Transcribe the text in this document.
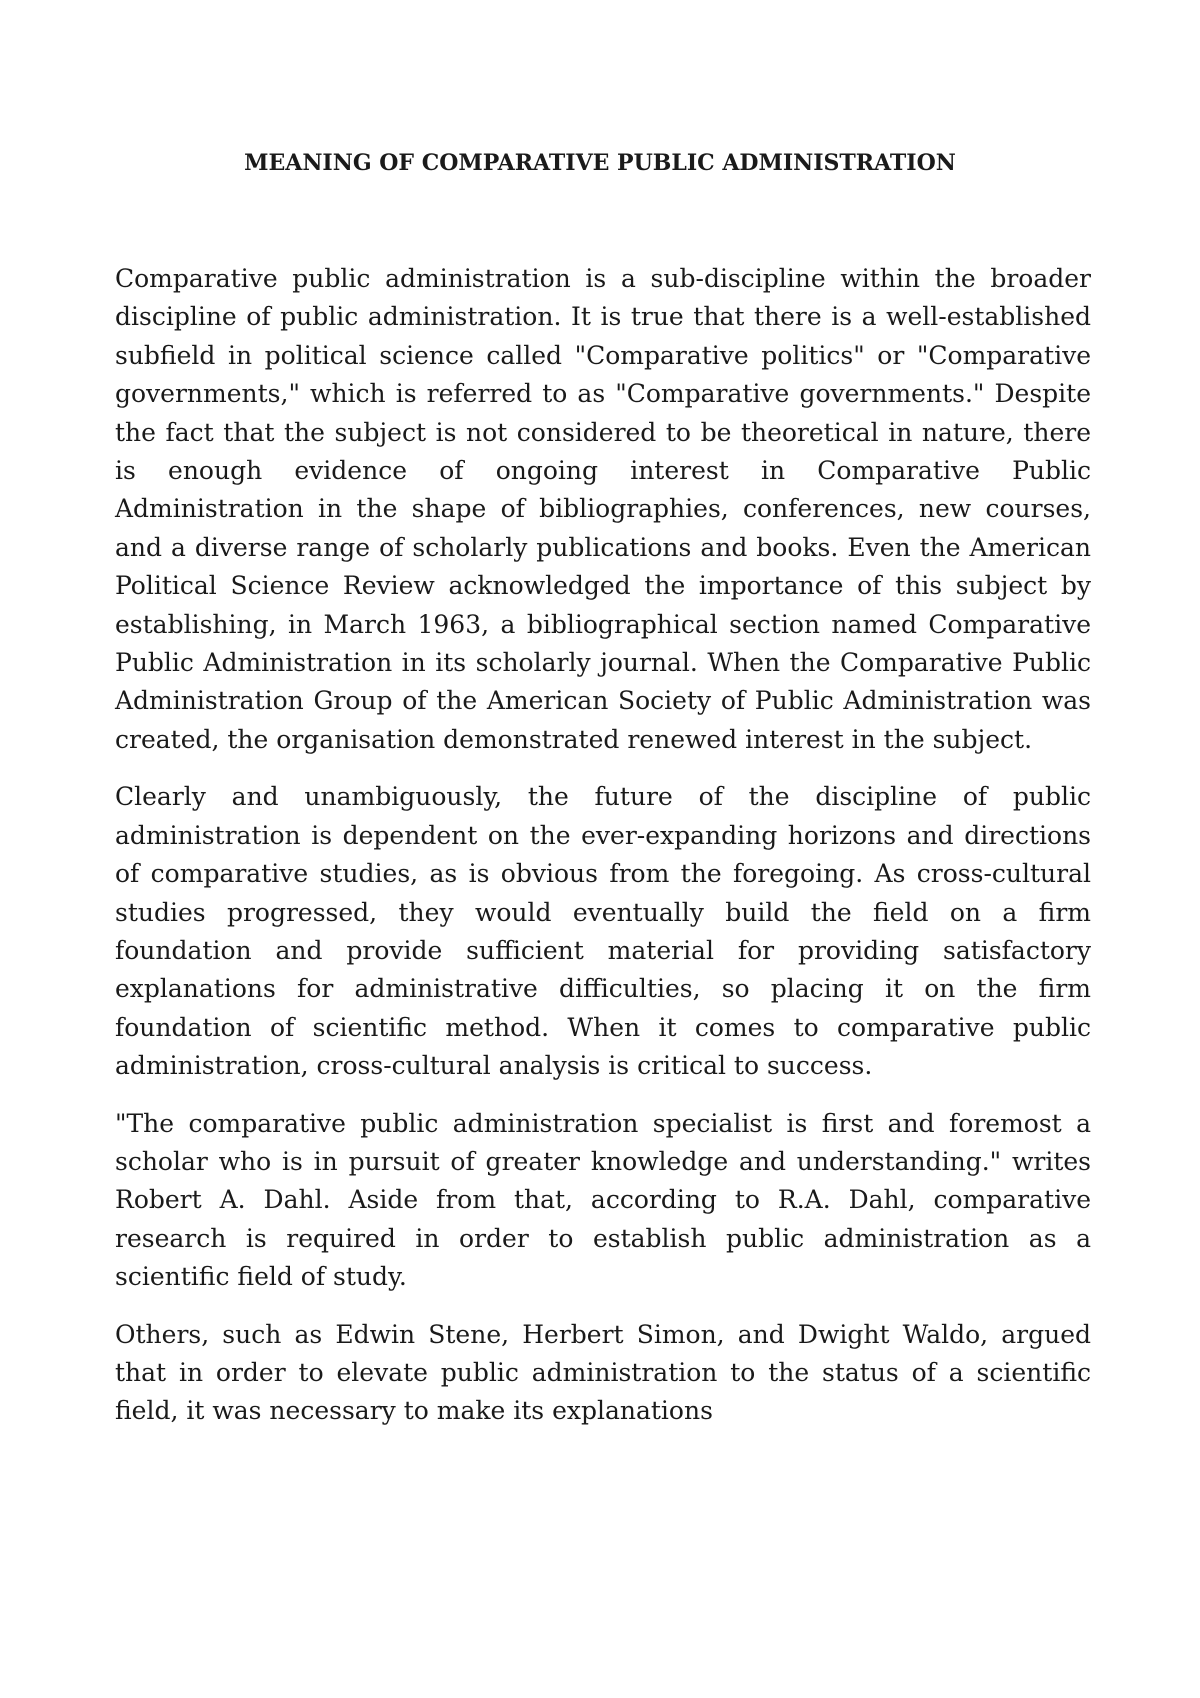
MEANING OF COMPARATIVE PUBLIC ADMINISTRATION

Comparative public administration is a sub-discipline within the broader discipline of public administration. It is true that there is a well-established subfield in political science called "Comparative politics" or "Comparative governments," which is referred to as "Comparative governments." Despite the fact that the subject is not considered to be theoretical in nature, there is enough evidence of ongoing interest in Comparative Public Administration in the shape of bibliographies, conferences, new courses, and a diverse range of scholarly publications and books. Even the American Political Science Review acknowledged the importance of this subject by establishing, in March 1963, a bibliographical section named Comparative Public Administration in its scholarly journal. When the Comparative Public Administration Group of the American Society of Public Administration was created, the organisation demonstrated renewed interest in the subject.

Clearly and unambiguously, the future of the discipline of public administration is dependent on the ever-expanding horizons and directions of comparative studies, as is obvious from the foregoing. As cross-cultural studies progressed, they would eventually build the field on a firm foundation and provide sufficient material for providing satisfactory explanations for administrative difficulties, so placing it on the firm foundation of scientific method. When it comes to comparative public administration, cross-cultural analysis is critical to success.

"The comparative public administration specialist is first and foremost a scholar who is in pursuit of greater knowledge and understanding." writes Robert A. Dahl. Aside from that, according to R.A. Dahl, comparative research is required in order to establish public administration as a scientific field of study.

Others, such as Edwin Stene, Herbert Simon, and Dwight Waldo, argued that in order to elevate public administration to the status of a scientific field, it was necessary to make its explanations
